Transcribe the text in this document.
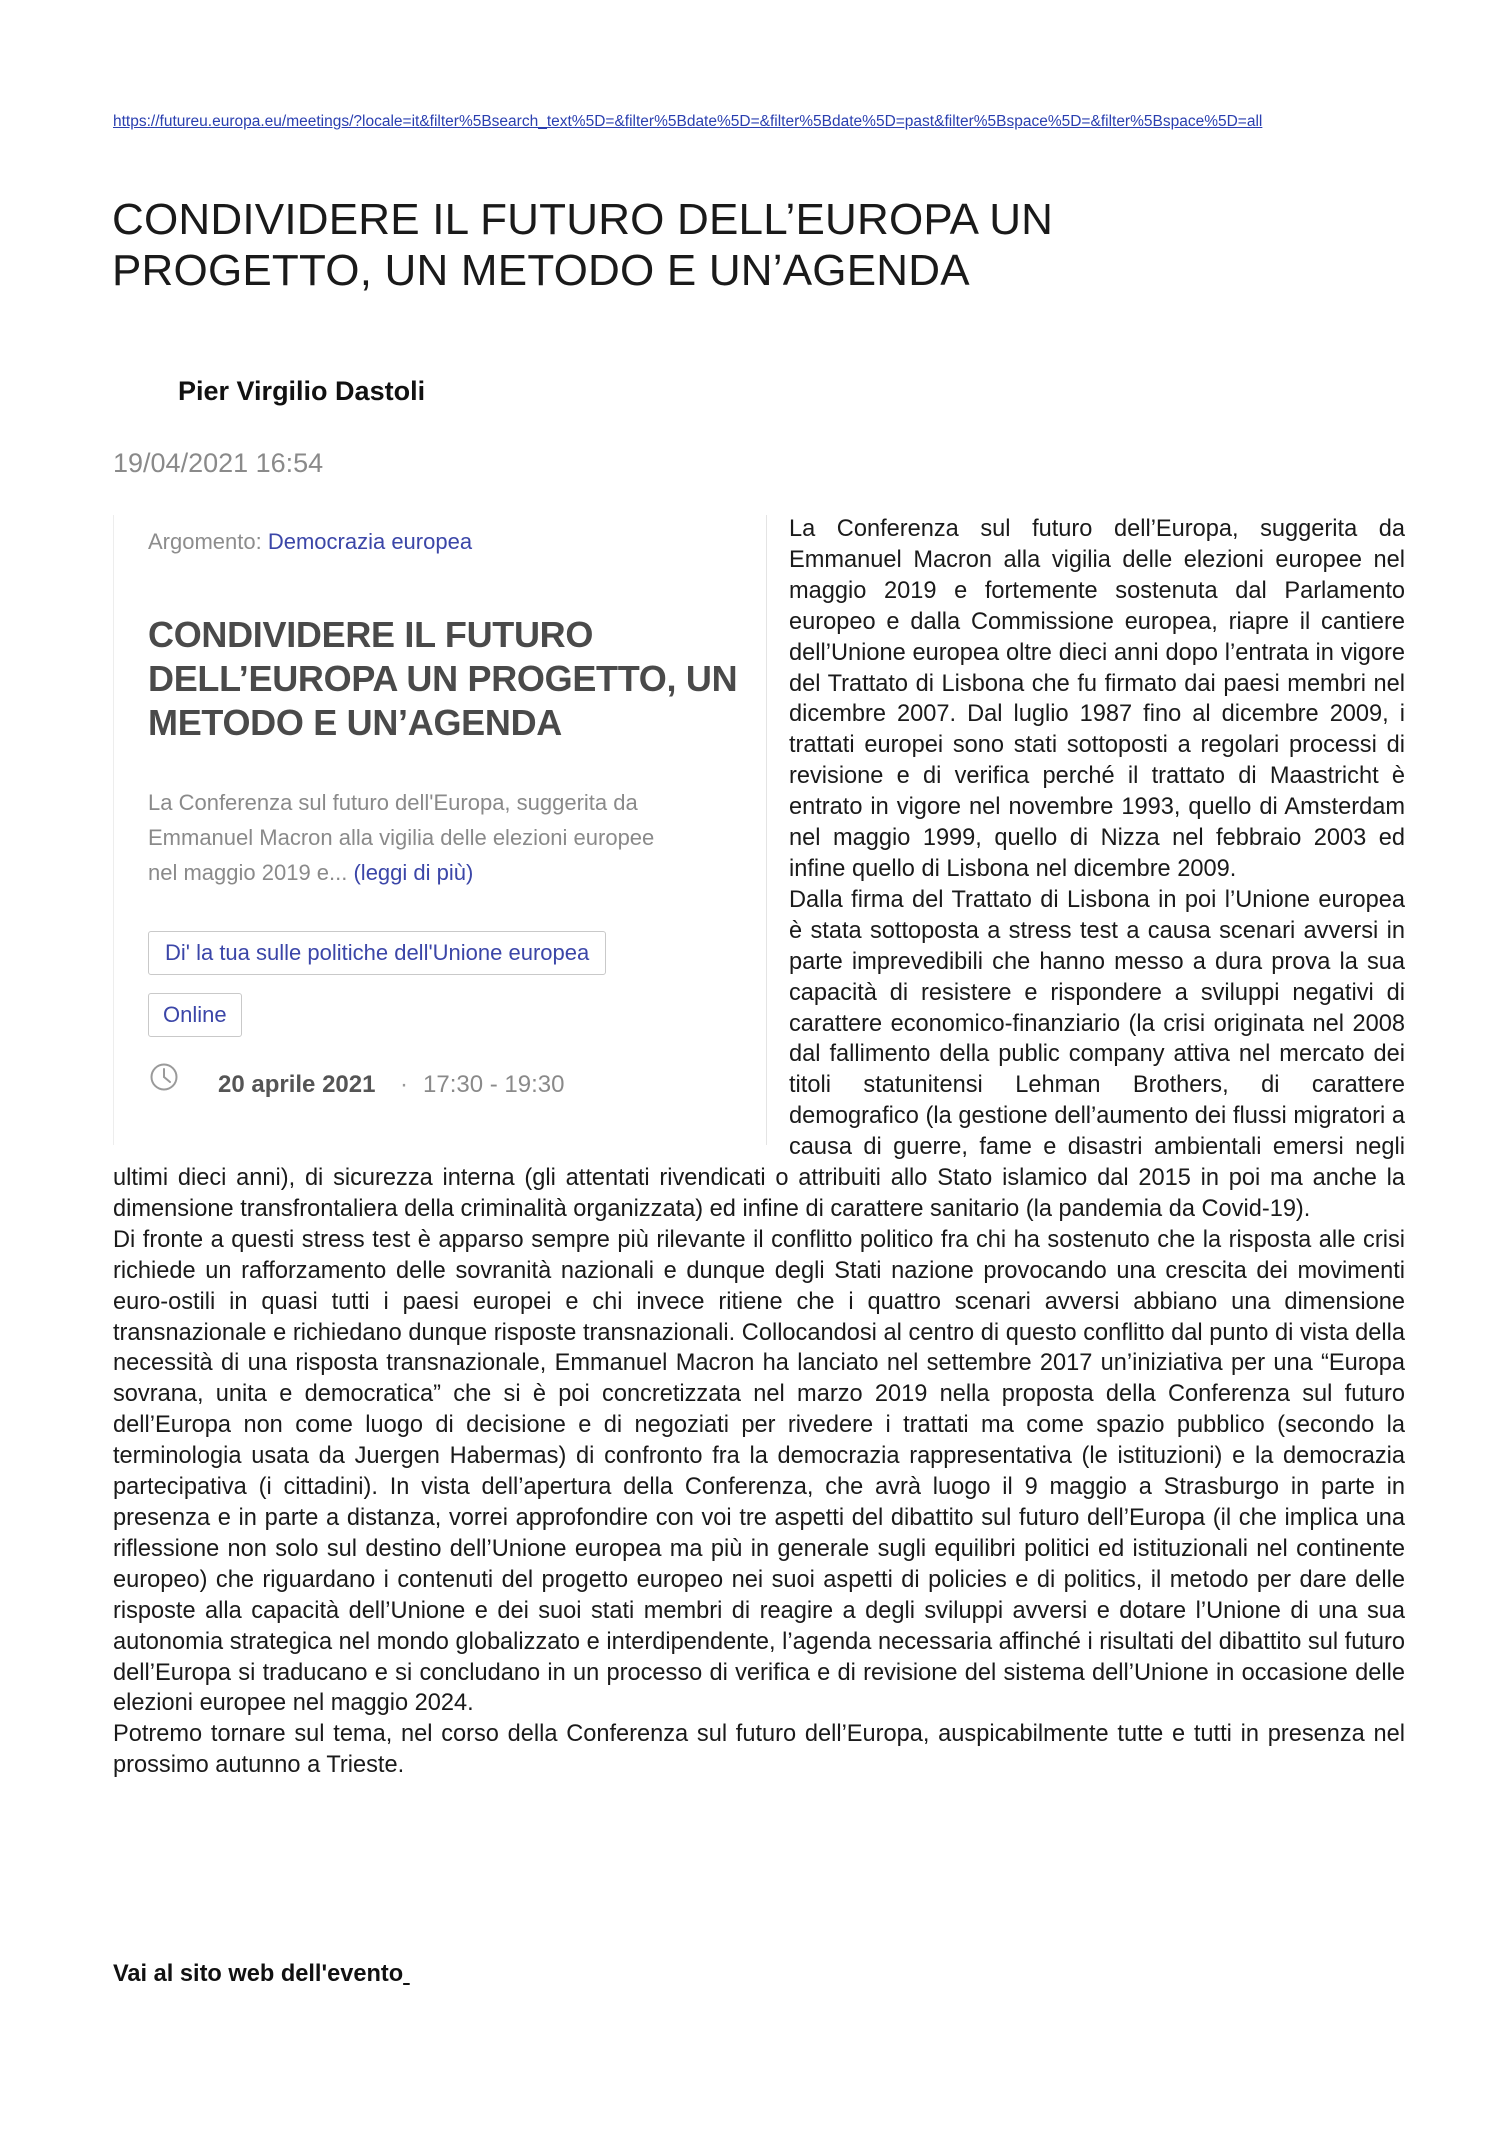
https://futureu.europa.eu/meetings/?locale=it&filter%5Bsearch_text%5D=&filter%5Bdate%5D=&filter%5Bdate%5D=past&filter%5Bspace%5D=&filter%5Bspace%5D=all
CONDIVIDERE IL FUTURO DELL’EUROPA UN
PROGETTO, UN METODO E UN’AGENDA
Pier Virgilio Dastoli
19/04/2021 16:54
Argomento: Democrazia europea
CONDIVIDERE IL FUTURO
DELL’EUROPA UN PROGETTO, UN
METODO E UN’AGENDA
La Conferenza sul futuro dell'Europa, suggerita da
Emmanuel Macron alla vigilia delle elezioni europee
nel maggio 2019 e... (leggi di più)
Di' la tua sulle politiche dell'Unione europea
Online
20 aprile 2021 · 17:30 - 19:30

La Conferenza sul futuro dell’Europa, suggerita da Emmanuel Macron alla vigilia delle elezioni europee nel maggio 2019 e fortemente sostenuta dal Parlamento europeo e dalla Commissione europea, riapre il cantiere dell’Unione europea oltre dieci anni dopo l’entrata in vigore del Trattato di Lisbona che fu firmato dai paesi membri nel dicembre 2007. Dal luglio 1987 fino al dicembre 2009, i trattati europei sono stati sottoposti a regolari processi di revisione e di verifica perché il trattato di Maastricht è entrato in vigore nel novembre 1993, quello di Amsterdam nel maggio 1999, quello di Nizza nel febbraio 2003 ed infine quello di Lisbona nel dicembre 2009.

Dalla firma del Trattato di Lisbona in poi l’Unione europea è stata sottoposta a stress test a causa scenari avversi in parte imprevedibili che hanno messo a dura prova la sua capacità di resistere e rispondere a sviluppi negativi di carattere economico-finanziario (la crisi originata nel 2008 dal fallimento della public company attiva nel mercato dei titoli statunitensi Lehman Brothers, di carattere demografico (la gestione dell’aumento dei flussi migratori a causa di guerre, fame e disastri ambientali emersi negli ultimi dieci anni), di sicurezza interna (gli attentati rivendicati o attribuiti allo Stato islamico dal 2015 in poi ma anche la dimensione transfrontaliera della criminalità organizzata) ed infine di carattere sanitario (la pandemia da Covid-19).

Di fronte a questi stress test è apparso sempre più rilevante il conflitto politico fra chi ha sostenuto che la risposta alle crisi richiede un rafforzamento delle sovranità nazionali e dunque degli Stati nazione provocando una crescita dei movimenti euro-ostili in quasi tutti i paesi europei e chi invece ritiene che i quattro scenari avversi abbiano una dimensione transnazionale e richiedano dunque risposte transnazionali. Collocandosi al centro di questo conflitto dal punto di vista della necessità di una risposta transnazionale, Emmanuel Macron ha lanciato nel settembre 2017 un’iniziativa per una “Europa sovrana, unita e democratica” che si è poi concretizzata nel marzo 2019 nella proposta della Conferenza sul futuro dell’Europa non come luogo di decisione e di negoziati per rivedere i trattati ma come spazio pubblico (secondo la terminologia usata da Juergen Habermas) di confronto fra la democrazia rappresentativa (le istituzioni) e la democrazia partecipativa (i cittadini). In vista dell’apertura della Conferenza, che avrà luogo il 9 maggio a Strasburgo in parte in presenza e in parte a distanza, vorrei approfondire con voi tre aspetti del dibattito sul futuro dell’Europa (il che implica una riflessione non solo sul destino dell’Unione europea ma più in generale sugli equilibri politici ed istituzionali nel continente europeo) che riguardano i contenuti del progetto europeo nei suoi aspetti di policies e di politics, il metodo per dare delle risposte alla capacità dell’Unione e dei suoi stati membri di reagire a degli sviluppi avversi e dotare l’Unione di una sua autonomia strategica nel mondo globalizzato e interdipendente, l’agenda necessaria affinché i risultati del dibattito sul futuro dell’Europa si traducano e si concludano in un processo di verifica e di revisione del sistema dell’Unione in occasione delle elezioni europee nel maggio 2024.

Potremo tornare sul tema, nel corso della Conferenza sul futuro dell’Europa, auspicabilmente tutte e tutti in presenza nel prossimo autunno a Trieste.

Vai al sito web dell'evento
